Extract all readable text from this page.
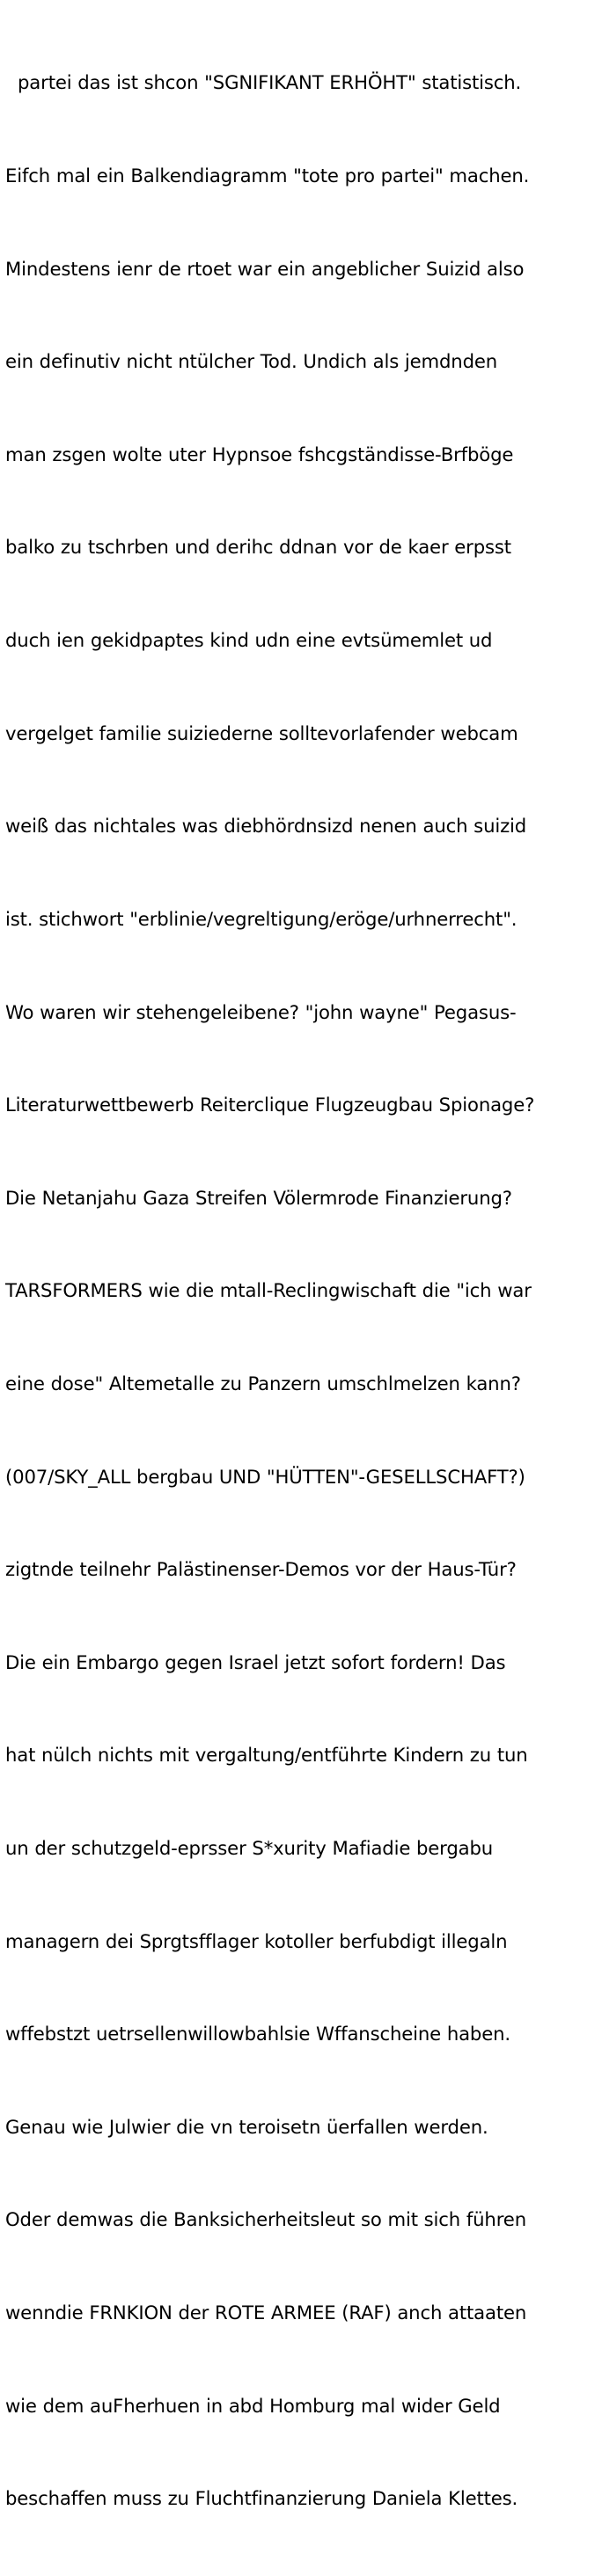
partei das ist shcon "SGNIFIKANT ERHÖHT" statistisch.

Eifch mal ein Balkendiagramm "tote pro partei" machen.

Mindestens ienr de rtoet war ein angeblicher Suizid also

ein definutiv nicht ntülcher Tod. Undich als jemdnden

man zsgen wolte uter Hypnsoe fshcgständisse-Brfböge

balko zu tschrben und derihc ddnan vor de kaer erpsst

duch ien gekidpaptes kind udn eine evtsümemlet ud

vergelget familie suiziederne solltevorlafender webcam

weiß das nichtales was diebhördnsizd nenen auch suizid

ist. stichwort "erblinie/vegreltigung/eröge/urhnerrecht".

Wo waren wir stehengeleibene? "john wayne" Pegasus-

Literaturwettbewerb Reiterclique Flugzeugbau Spionage?

Die Netanjahu Gaza Streifen Völermrode Finanzierung?

TARSFORMERS wie die mtall-Reclingwischaft die "ich war

eine dose" Altemetalle zu Panzern umschlmelzen kann?

(007/SKY_ALL bergbau UND "HÜTTEN"-GESELLSCHAFT?)

zigtnde teilnehr Palästinenser-Demos vor der Haus-Tür?

Die ein Embargo gegen Israel jetzt sofort fordern! Das

hat nülch nichts mit vergaltung/entführte Kindern zu tun

un der schutzgeld-eprsser S*xurity Mafiadie bergabu

managern dei Sprgtsfflager kotoller berfubdigt illegaln

wffebstzt uetrsellenwillowbahlsie Wffanscheine haben.

Genau wie Julwier die vn teroisetn üerfallen werden.

Oder demwas die Banksicherheitsleut so mit sich führen

wenndie FRNKION der ROTE ARMEE (RAF) anch attaaten

wie dem auFherhuen in abd Homburg mal wider Geld

beschaffen muss zu Fluchtfinanzierung Daniela Klettes.
